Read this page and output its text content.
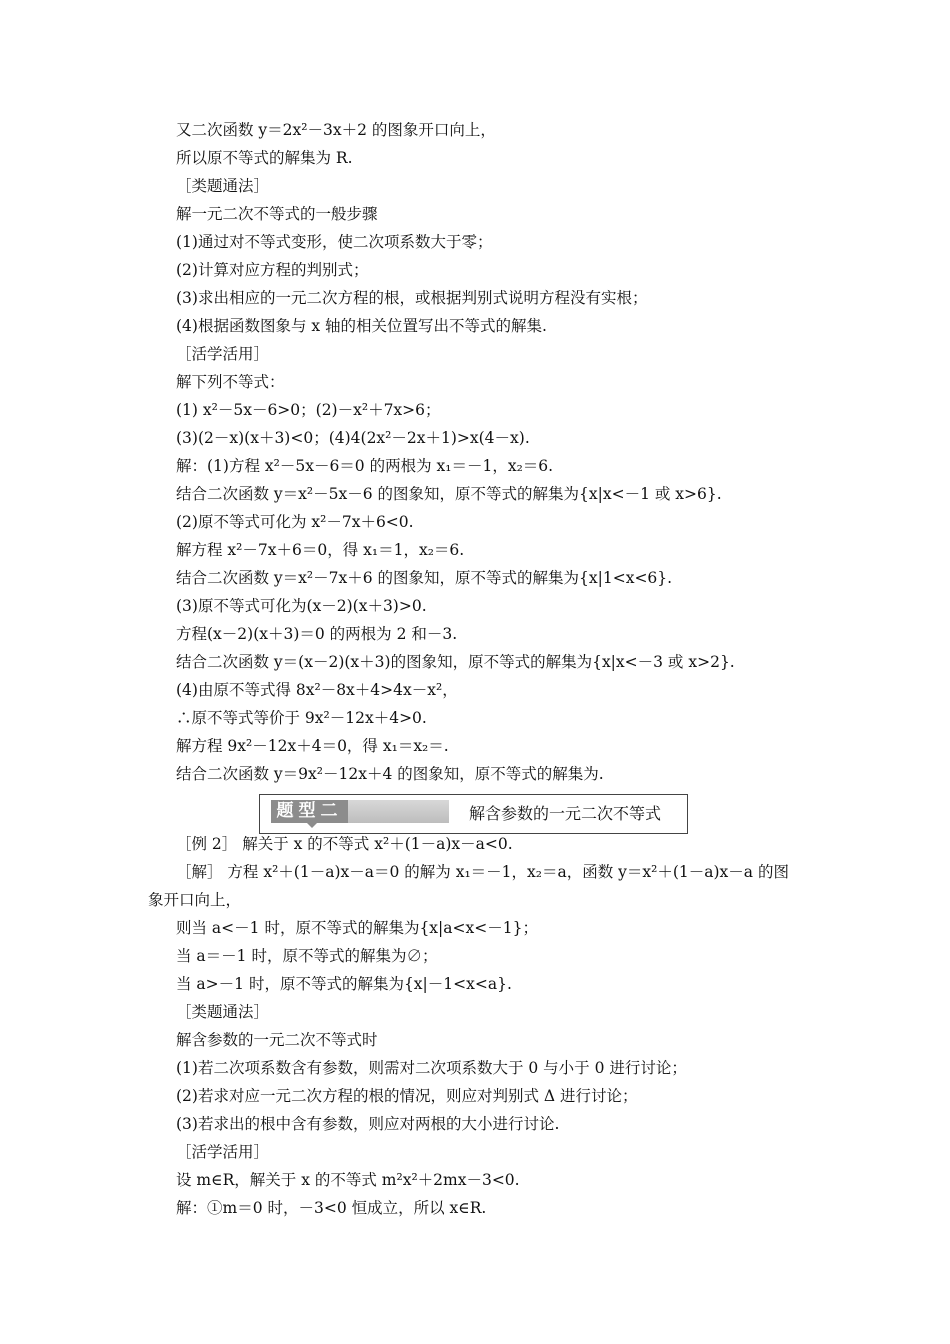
又二次函数 y＝2x²－3x＋2 的图象开口向上，
所以原不等式的解集为 R.
［类题通法］
解一元二次不等式的一般步骤
(1)通过对不等式变形，使二次项系数大于零；
(2)计算对应方程的判别式；
(3)求出相应的一元二次方程的根，或根据判别式说明方程没有实根；
(4)根据函数图象与 x 轴的相关位置写出不等式的解集.
［活学活用］
解下列不等式：
(1) x²－5x－6>0；(2)－x²＋7x>6；
(3)(2－x)(x＋3)<0；(4)4(2x²－2x＋1)>x(4－x).
解：(1)方程 x²－5x－6＝0 的两根为 x₁＝－1，x₂＝6.
结合二次函数 y＝x²－5x－6 的图象知，原不等式的解集为{x|x<－1 或 x>6}.
(2)原不等式可化为 x²－7x＋6<0.
解方程 x²－7x＋6＝0，得 x₁＝1，x₂＝6.
结合二次函数 y＝x²－7x＋6 的图象知，原不等式的解集为{x|1<x<6}.
(3)原不等式可化为(x－2)(x＋3)>0.
方程(x－2)(x＋3)＝0 的两根为 2 和－3.
结合二次函数 y＝(x－2)(x＋3)的图象知，原不等式的解集为{x|x<－3 或 x>2}.
(4)由原不等式得 8x²－8x＋4>4x－x²，
∴原不等式等价于 9x²－12x＋4>0.
解方程 9x²－12x＋4＝0，得 x₁＝x₂＝.
结合二次函数 y＝9x²－12x＋4 的图象知，原不等式的解集为.
题型二	解含参数的一元二次不等式
［例 2］ 解关于 x 的不等式 x²＋(1－a)x－a<0.
［解］ 方程 x²＋(1－a)x－a＝0 的解为 x₁＝－1，x₂＝a，函数 y＝x²＋(1－a)x－a 的图
象开口向上，
则当 a<－1 时，原不等式的解集为{x|a<x<－1}；
当 a＝－1 时，原不等式的解集为∅；
当 a>－1 时，原不等式的解集为{x|－1<x<a}.
［类题通法］
解含参数的一元二次不等式时
(1)若二次项系数含有参数，则需对二次项系数大于 0 与小于 0 进行讨论；
(2)若求对应一元二次方程的根的情况，则应对判别式 Δ 进行讨论；
(3)若求出的根中含有参数，则应对两根的大小进行讨论.
［活学活用］
设 m∈R，解关于 x 的不等式 m²x²＋2mx－3<0.
解：①m＝0 时，－3<0 恒成立，所以 x∈R.
